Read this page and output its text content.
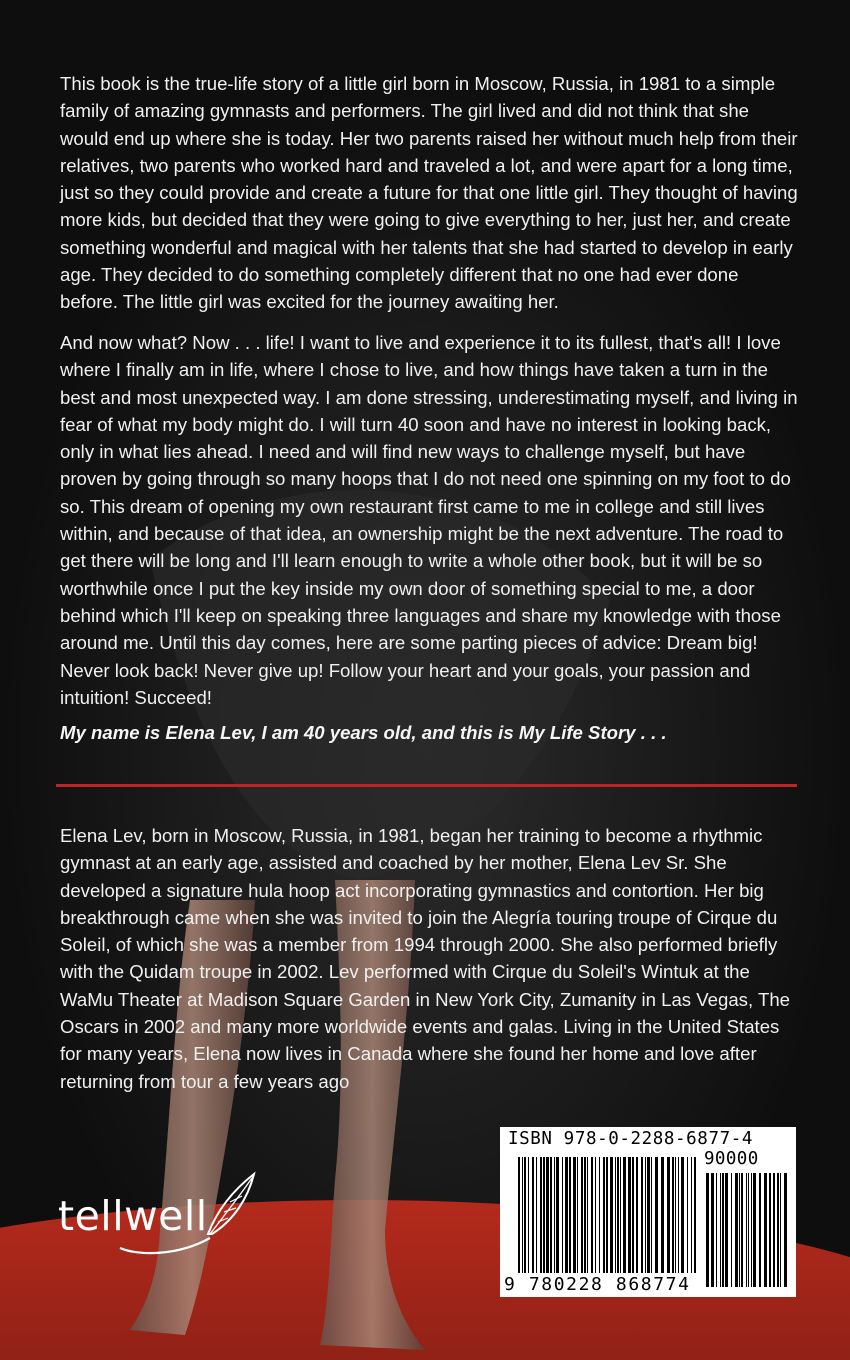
This book is the true-life story of a little girl born in Moscow, Russia, in 1981 to a simple family of amazing gymnasts and performers. The girl lived and did not think that she would end up where she is today. Her two parents raised her without much help from their relatives, two parents who worked hard and traveled a lot, and were apart for a long time, just so they could provide and create a future for that one little girl. They thought of having more kids, but decided that they were going to give everything to her, just her, and create something wonderful and magical with her talents that she had started to develop in early age. They decided to do something completely different that no one had ever done before. The little girl was excited for the journey awaiting her.

And now what? Now . . . life! I want to live and experience it to its fullest, that's all! I love where I finally am in life, where I chose to live, and how things have taken a turn in the best and most unexpected way. I am done stressing, underestimating myself, and living in fear of what my body might do. I will turn 40 soon and have no interest in looking back, only in what lies ahead. I need and will find new ways to challenge myself, but have proven by going through so many hoops that I do not need one spinning on my foot to do so. This dream of opening my own restaurant first came to me in college and still lives within, and because of that idea, an ownership might be the next adventure. The road to get there will be long and I'll learn enough to write a whole other book, but it will be so worthwhile once I put the key inside my own door of something special to me, a door behind which I'll keep on speaking three languages and share my knowledge with those around me. Until this day comes, here are some parting pieces of advice: Dream big! Never look back! Never give up! Follow your heart and your goals, your passion and intuition! Succeed!

My name is Elena Lev, I am 40 years old, and this is My Life Story . . .

Elena Lev, born in Moscow, Russia, in 1981, began her training to become a rhythmic gymnast at an early age, assisted and coached by her mother, Elena Lev Sr. She developed a signature hula hoop act incorporating gymnastics and contortion. Her big breakthrough came when she was invited to join the Alegría touring troupe of Cirque du Soleil, of which she was a member from 1994 through 2000. She also performed briefly with the Quidam troupe in 2002. Lev performed with Cirque du Soleil's Wintuk at the WaMu Theater at Madison Square Garden in New York City, Zumanity in Las Vegas, The Oscars in 2002 and many more worldwide events and galas. Living in the United States for many years, Elena now lives in Canada where she found her home and love after returning from tour a few years ago

tellwell
ISBN 978-0-2288-6877-4
90000
9 780228 868774
